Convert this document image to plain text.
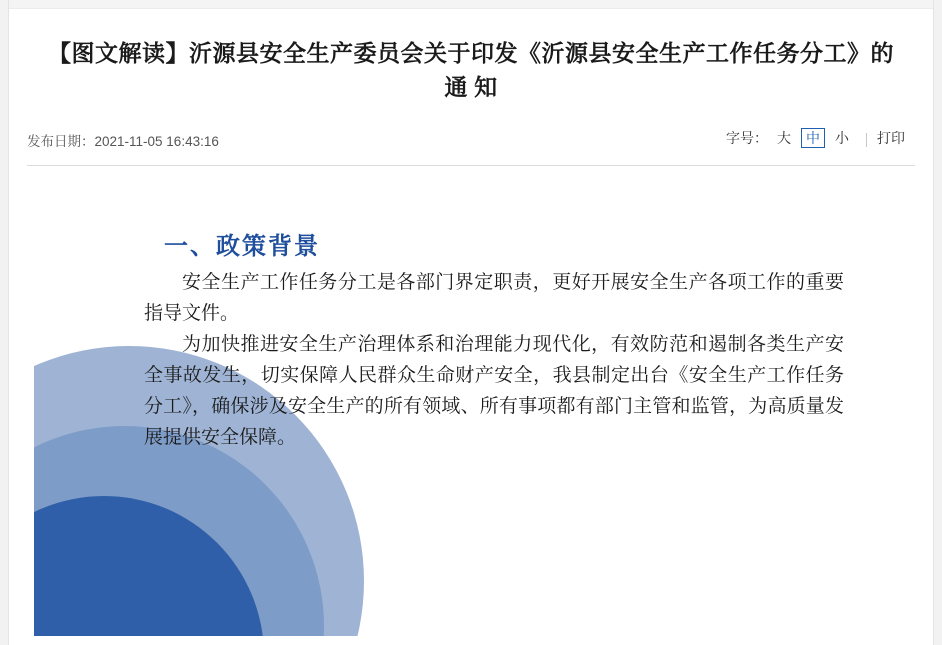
【图文解读】沂源县安全生产委员会关于印发《沂源县安全生产工作任务分工》的通 知
发布日期：2021-11-05 16:43:16	字号： 大	中	小	打印
一、政策背景

安全生产工作任务分工是各部门界定职责，更好开展安全生产各项工作的重要指导文件。

为加快推进安全生产治理体系和治理能力现代化，有效防范和遏制各类生产安全事故发生，切实保障人民群众生命财产安全，我县制定出台《安全生产工作任务分工》，确保涉及安全生产的所有领域、所有事项都有部门主管和监管，为高质量发展提供安全保障。
